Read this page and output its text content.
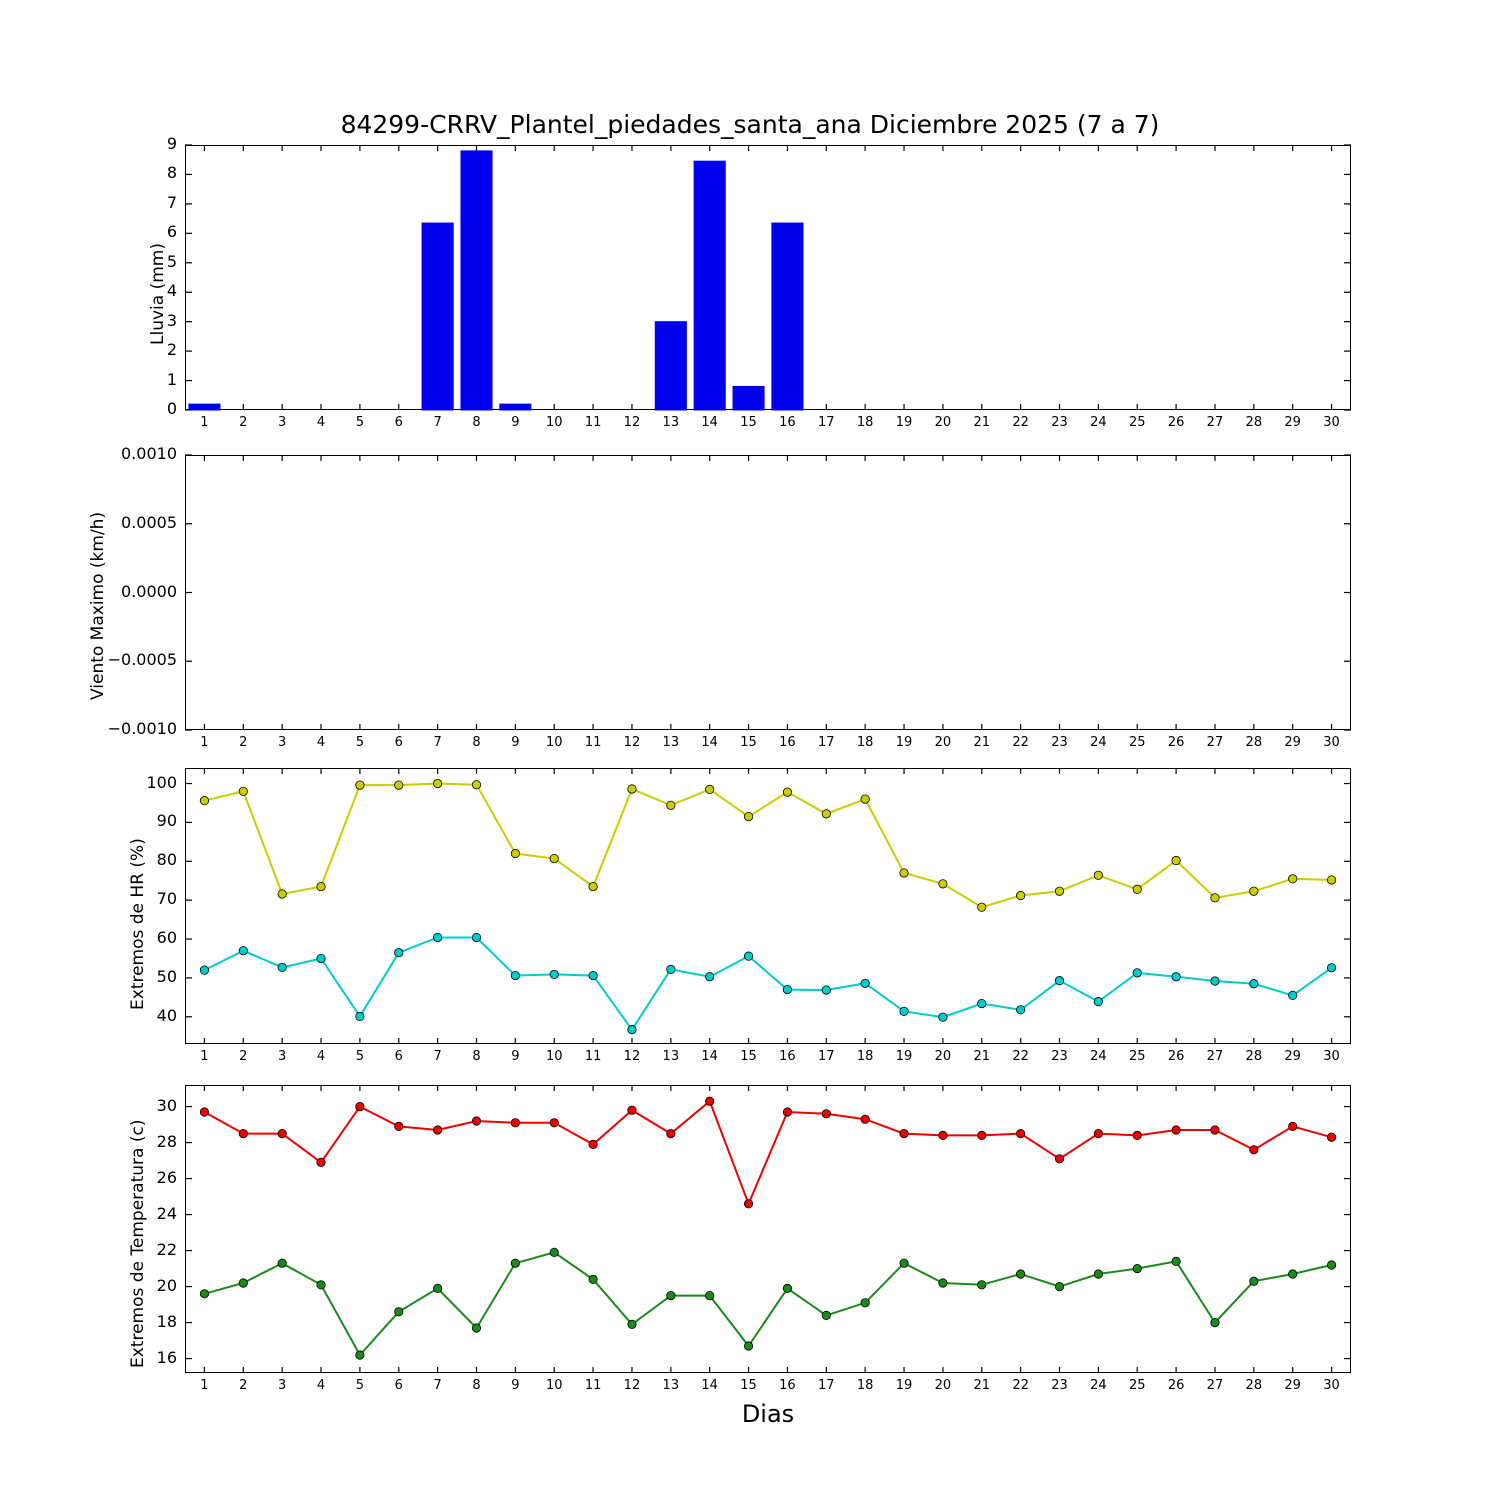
84299-CRRV_Plantel_piedades_santa_ana Diciembre 2025 (7 a 7)
Lluvia (mm)
0
1
2
3
4
5
6
7
8
9
1	2	3	4	5	6	7	8	9	10	11	12	13	14	15	16	17	18	19	20	21	22	23	24	25	26	27	28	29	30
Viento Maximo (km/h)
−0.0010
−0.0005
0.0000
0.0005
0.0010
1	2	3	4	5	6	7	8	9	10	11	12	13	14	15	16	17	18	19	20	21	22	23	24	25	26	27	28	29	30
Extremos de HR (%)
40
50
60
70
80
90
100
1	2	3	4	5	6	7	8	9	10	11	12	13	14	15	16	17	18	19	20	21	22	23	24	25	26	27	28	29	30
Extremos de Temperatura (c) 16
18
20
22
24
26
28
30
1	2	3	4	5	6	7	8	9	10	11	12	13	14	15	16	17	18	19	20	21	22	23	24	25	26	27	28	29	30
Dias
